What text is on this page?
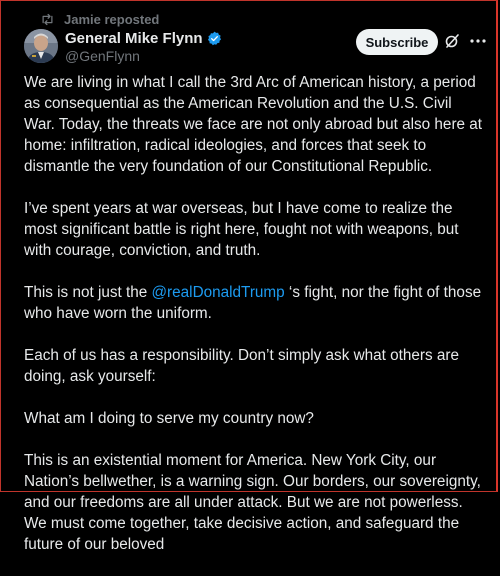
Jamie reposted
General Mike Flynn
@GenFlynn
Subscribe

We are living in what I call the 3rd Arc of American history, a period as consequential as the American Revolution and the U.S. Civil War. Today, the threats we face are not only abroad but also here at home: infiltration, radical ideologies, and forces that seek to dismantle the very foundation of our Constitutional Republic.

I’ve spent years at war overseas, but I have come to realize the most significant battle is right here, fought not with weapons, but with courage, conviction, and truth.

This is not just the @realDonaldTrump ‘s fight, nor the fight of those who have worn the uniform.

Each of us has a responsibility. Don’t simply ask what others are doing, ask yourself:

What am I doing to serve my country now?

This is an existential moment for America. New York City, our Nation’s bellwether, is a warning sign. Our borders, our sovereignty, and our freedoms are all under attack. But we are not powerless. We must come together, take decisive action, and safeguard the future of our beloved
